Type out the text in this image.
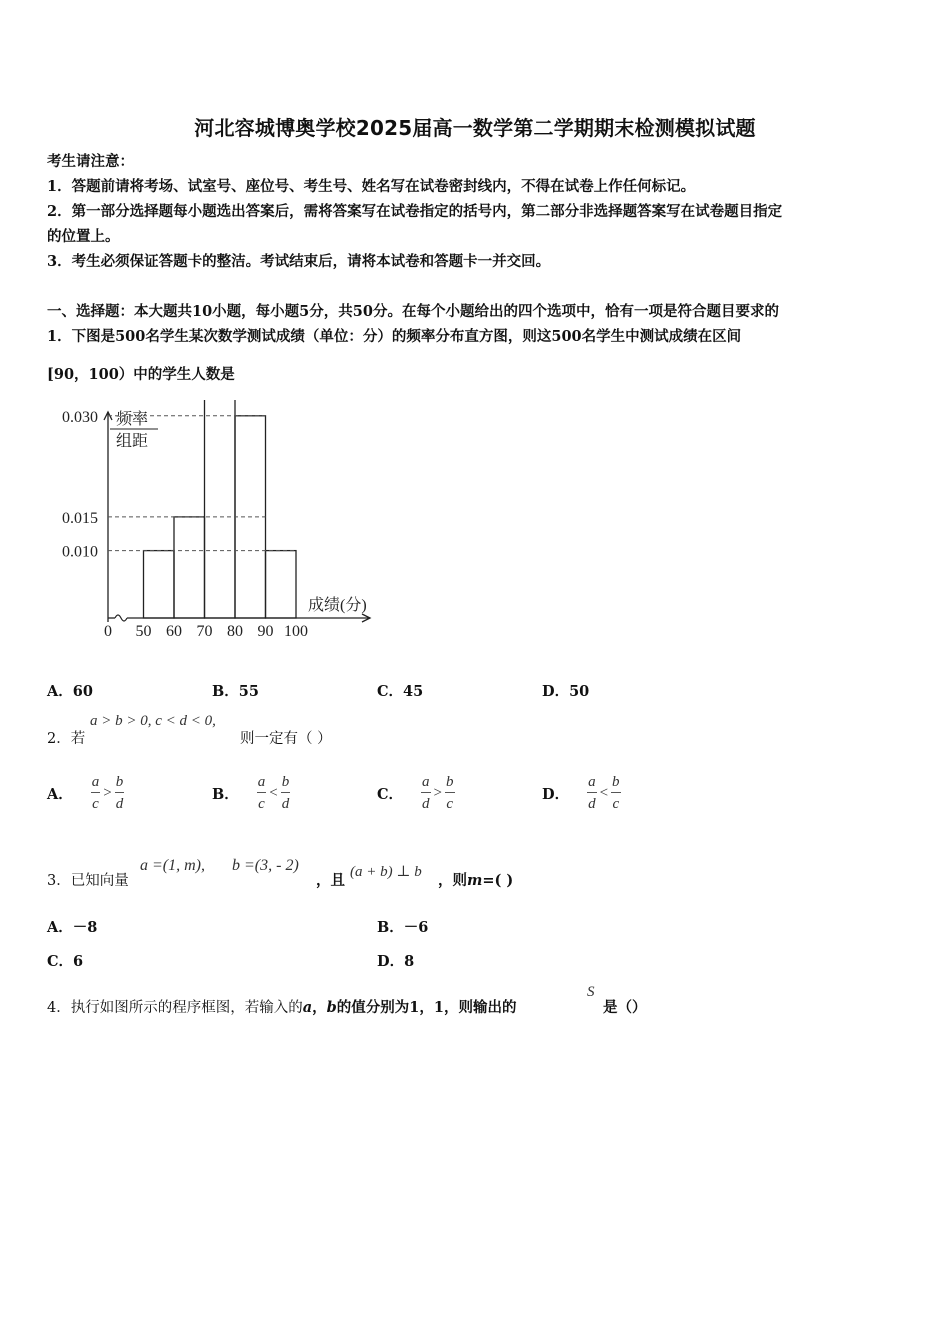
河北容城博奥学校2025届高一数学第二学期期末检测模拟试题
考生请注意：
1．答题前请将考场、试室号、座位号、考生号、姓名写在试卷密封线内，不得在试卷上作任何标记。
2．第一部分选择题每小题选出答案后，需将答案写在试卷指定的括号内，第二部分非选择题答案写在试卷题目指定
的位置上。
3．考生必须保证答题卡的整洁。考试结束后，请将本试卷和答题卡一并交回。
一、选择题：本大题共10小题，每小题5分，共50分。在每个小题给出的四个选项中，恰有一项是符合题目要求的
1．下图是500名学生某次数学测试成绩（单位：分）的频率分布直方图，则这500名学生中测试成绩在区间
[90，100）中的学生人数是
频率
组距
0.030
0.015
0.010
0 50 60 70 80 90 100
成绩(分)
A．60	B．55	C．45	D．50
2．若
a > b > 0, c < d < 0,
则一定有（ ）
A． $\frac{a}{c} > \frac{b}{d}$	B． $\frac{a}{c} < \frac{b}{d}$	C． $\frac{a}{d} > \frac{b}{c}$	D． $\frac{a}{d} < \frac{b}{c}$
3．已知向量
a =(1, m), b =(3, - 2)
，且 (a + b) ⊥ b ，则m=( )
A．－8	B．－6
C．6	D．8
4．执行如图所示的程序框图，若输入的a，b的值分别为1，1，则输出的
S
是（）
